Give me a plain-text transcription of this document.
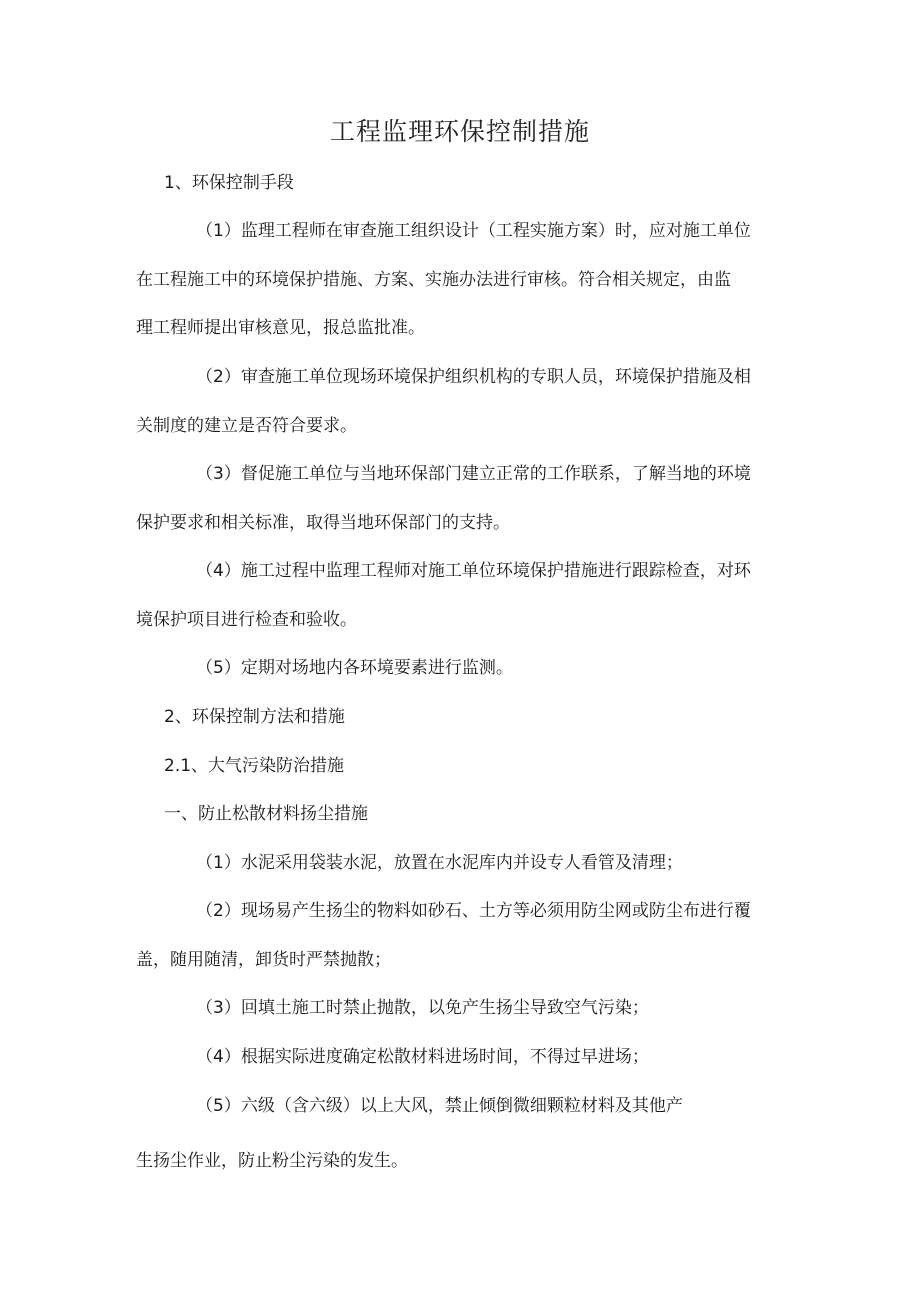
工程监理环保控制措施
1、环保控制手段
（1）监理工程师在审查施工组织设计（工程实施方案）时，应对施工单位
在工程施工中的环境保护措施、方案、实施办法进行审核。符合相关规定，由监
理工程师提出审核意见，报总监批准。
（2）审查施工单位现场环境保护组织机构的专职人员，环境保护措施及相
关制度的建立是否符合要求。
（3）督促施工单位与当地环保部门建立正常的工作联系，了解当地的环境
保护要求和相关标准，取得当地环保部门的支持。
（4）施工过程中监理工程师对施工单位环境保护措施进行跟踪检查，对环
境保护项目进行检查和验收。
（5）定期对场地内各环境要素进行监测。
2、环保控制方法和措施
2.1、大气污染防治措施
一、防止松散材料扬尘措施
（1）水泥采用袋装水泥，放置在水泥库内并设专人看管及清理；
（2）现场易产生扬尘的物料如砂石、土方等必须用防尘网或防尘布进行覆
盖，随用随清，卸货时严禁抛散；
（3）回填土施工时禁止抛散，以免产生扬尘导致空气污染；
（4）根据实际进度确定松散材料进场时间，不得过早进场；
（5）六级（含六级）以上大风，禁止倾倒微细颗粒材料及其他产
生扬尘作业，防止粉尘污染的发生。
